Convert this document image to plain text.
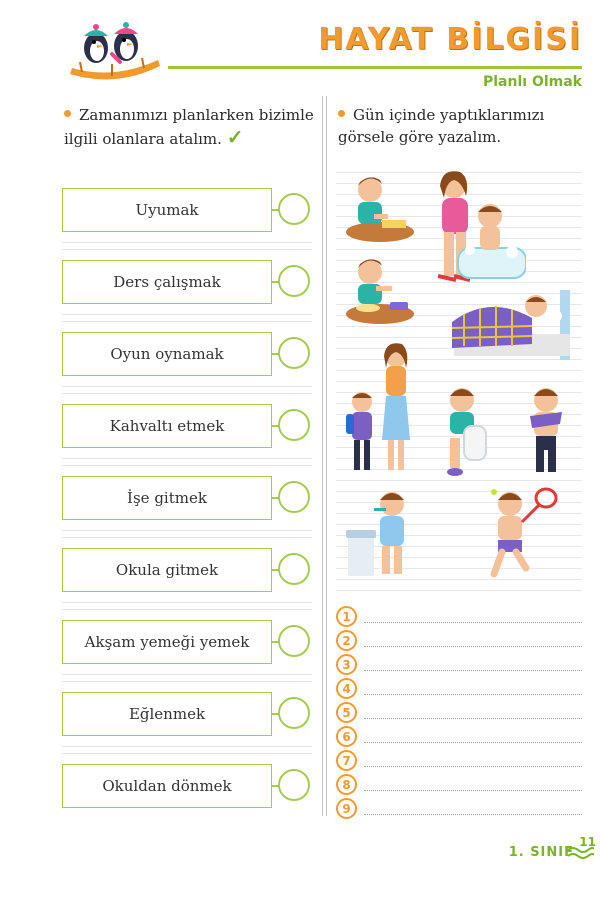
HAYAT BİLGİSİ
Planlı Olmak
Zamanımızı planlarken bizimle ilgili olanlara atalım. ✓
Uyumak
Ders çalışmak
Oyun oynamak
Kahvaltı etmek
İşe gitmek
Okula gitmek
Akşam yemeği yemek
Eğlenmek
Okuldan dönmek
Gün içinde yaptıklarımızı görsele göre yazalım.
1
2
3
4
5
6
7
8
9
1. SINIF
11
